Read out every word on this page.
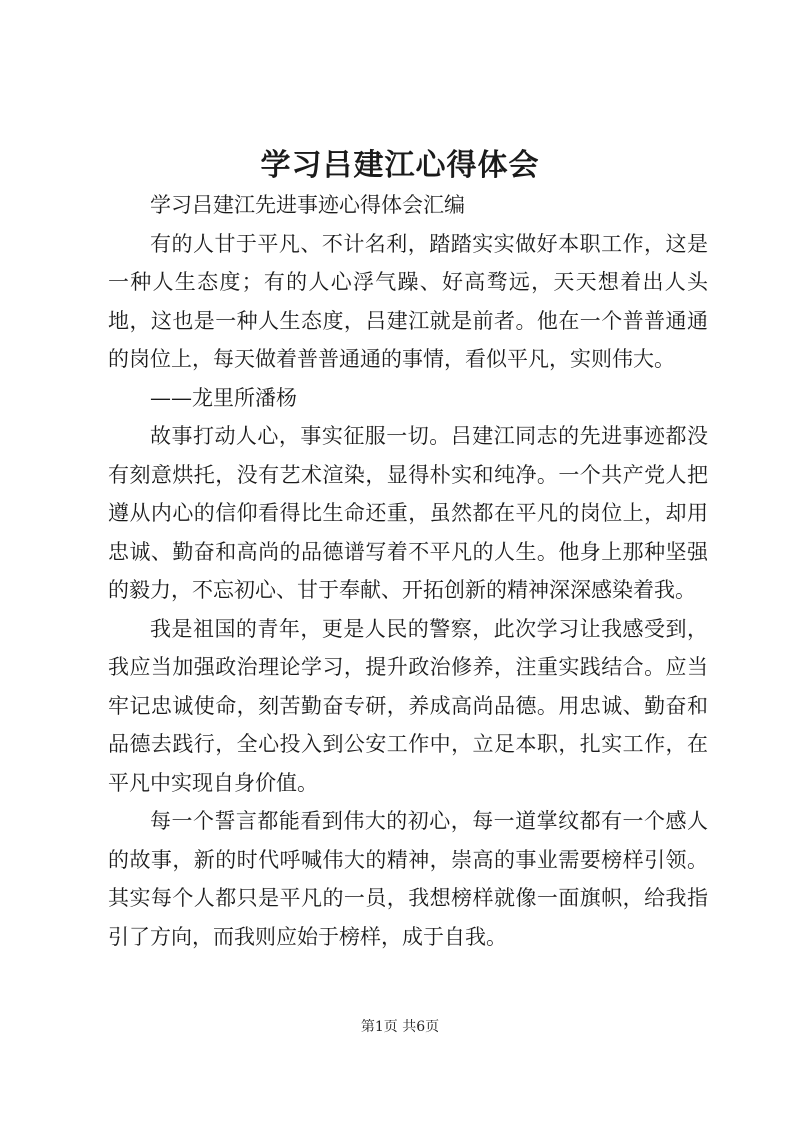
学习吕建江心得体会

学习吕建江先进事迹心得体会汇编

有的人甘于平凡、不计名利，踏踏实实做好本职工作，这是一种人生态度；有的人心浮气躁、好高骛远，天天想着出人头地，这也是一种人生态度，吕建江就是前者。他在一个普普通通的岗位上，每天做着普普通通的事情，看似平凡，实则伟大。

——龙里所潘杨

故事打动人心，事实征服一切。吕建江同志的先进事迹都没有刻意烘托，没有艺术渲染，显得朴实和纯净。一个共产党人把遵从内心的信仰看得比生命还重，虽然都在平凡的岗位上，却用忠诚、勤奋和高尚的品德谱写着不平凡的人生。他身上那种坚强的毅力，不忘初心、甘于奉献、开拓创新的精神深深感染着我。

我是祖国的青年，更是人民的警察，此次学习让我感受到，我应当加强政治理论学习，提升政治修养，注重实践结合。应当牢记忠诚使命，刻苦勤奋专研，养成高尚品德。用忠诚、勤奋和品德去践行，全心投入到公安工作中，立足本职，扎实工作，在平凡中实现自身价值。

每一个誓言都能看到伟大的初心，每一道掌纹都有一个感人的故事，新的时代呼喊伟大的精神，崇高的事业需要榜样引领。其实每个人都只是平凡的一员，我想榜样就像一面旗帜，给我指引了方向，而我则应始于榜样，成于自我。

第1页 共6页
